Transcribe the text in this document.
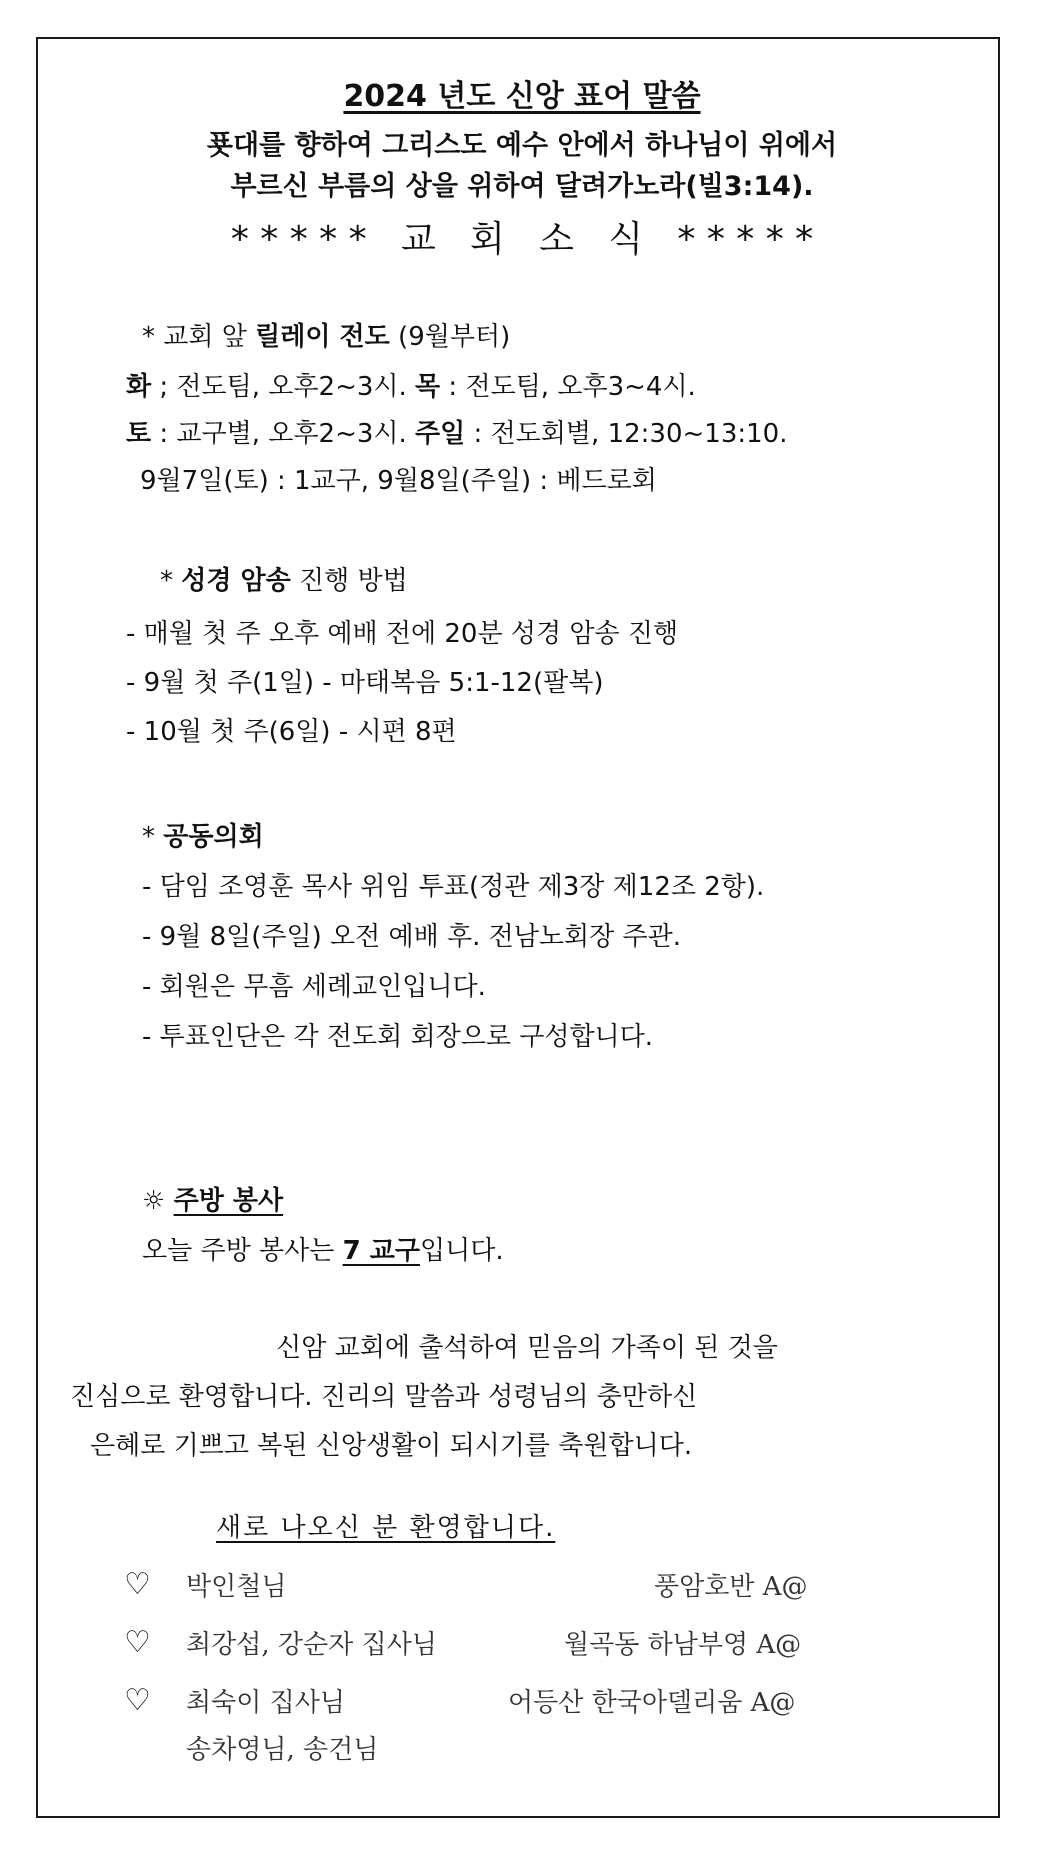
2024 년도 신앙 표어 말씀
푯대를 향하여 그리스도 예수 안에서 하나님이 위에서
부르신 부름의 상을 위하여 달려가노라(빌3:14).
* * * * *   교   회   소   식   * * * * *
* 교회 앞 릴레이 전도 (9월부터)
화 ; 전도팀, 오후2~3시. 목 : 전도팀, 오후3~4시.
토 : 교구별, 오후2~3시. 주일 : 전도회별, 12:30~13:10.
9월7일(토) : 1교구, 9월8일(주일) : 베드로회
* 성경 암송 진행 방법
- 매월 첫 주 오후 예배 전에 20분 성경 암송 진행
- 9월 첫 주(1일) - 마태복음 5:1-12(팔복)
- 10월 첫 주(6일) - 시편 8편
* 공동의회
- 담임 조영훈 목사 위임 투표(정관 제3장 제12조 2항).
- 9월 8일(주일) 오전 예배 후. 전남노회장 주관.
- 회원은 무흠 세례교인입니다.
- 투표인단은 각 전도회 회장으로 구성합니다.
☼ 주방 봉사
오늘 주방 봉사는 7 교구입니다.
신암 교회에 출석하여 믿음의 가족이 된 것을
진심으로 환영합니다. 진리의 말씀과 성령님의 충만하신
은혜로 기쁘고 복된 신앙생활이 되시기를 축원합니다.
새로 나오신 분 환영합니다.
♡ 박인철님	풍암호반 A@
♡ 최강섭, 강순자 집사님	월곡동 하남부영 A@
♡ 최숙이 집사님	어등산 한국아델리움 A@
송차영님, 송건님
